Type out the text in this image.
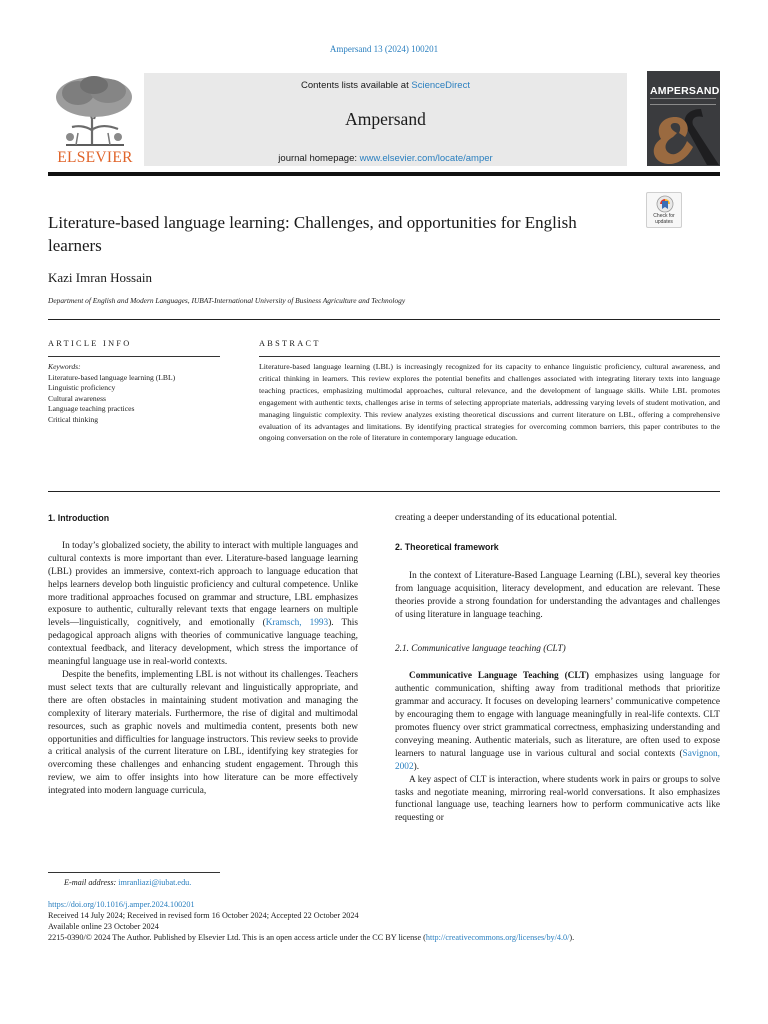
Ampersand 13 (2024) 100201
ELSEVIER
Contents lists available at ScienceDirect
Ampersand
journal homepage: www.elsevier.com/locate/amper
AMPERSAND
Literature-based language learning: Challenges, and opportunities for English learners
Check for
updates
Kazi Imran Hossain
Department of English and Modern Languages, IUBAT-International University of Business Agriculture and Technology
ARTICLE INFO	ABSTRACT
Keywords:
Literature-based language learning (LBL)
Linguistic proficiency
Cultural awareness
Language teaching practices
Critical thinking
Literature-based language learning (LBL) is increasingly recognized for its capacity to enhance linguistic proficiency, cultural awareness, and critical thinking in learners. This review explores the potential benefits and challenges associated with integrating literary texts into language teaching practices, emphasizing multimodal approaches, cultural relevance, and the development of language skills. While LBL promotes engagement with authentic texts, challenges arise in terms of selecting appropriate materials, addressing varying levels of student motivation, and managing linguistic complexity. This review analyzes existing theoretical discussions and current literature on LBL, offering a comprehensive evaluation of its advantages and limitations. By identifying practical strategies for overcoming common barriers, this paper contributes to the ongoing conversation on the role of literature in contemporary language education.
1. Introduction

In today’s globalized society, the ability to interact with multiple languages and cultural contexts is more important than ever. Literature-based language learning (LBL) provides an immersive, context-rich approach to language education that helps learners develop both linguistic proficiency and cultural competence. Unlike more traditional approaches focused on grammar and structure, LBL emphasizes exposure to authentic, culturally relevant texts that engage learners on multiple levels—linguistically, cognitively, and emotionally (Kramsch, 1993). This pedagogical approach aligns with theories of communicative language teaching, contextual feedback, and literacy development, which stress the importance of meaningful language use in real-world contexts.

Despite the benefits, implementing LBL is not without its challenges. Teachers must select texts that are culturally relevant and linguistically appropriate, and there are often obstacles in maintaining student motivation and managing the complexity of literary materials. Furthermore, the rise of digital and multimodal resources, such as graphic novels and multimedia content, presents both new opportunities and difficulties for language instructors. This review seeks to provide a critical analysis of the current literature on LBL, identifying key strategies for overcoming these challenges and enhancing student engagement. Through this review, we aim to offer insights into how literature can be more effectively integrated into modern language curricula,

creating a deeper understanding of its educational potential.

2. Theoretical framework

In the context of Literature-Based Language Learning (LBL), several key theories from language acquisition, literacy development, and education are relevant. These theories provide a strong foundation for understanding the advantages and challenges of using literature in language teaching.

2.1. Communicative language teaching (CLT)

Communicative Language Teaching (CLT) emphasizes using language for authentic communication, shifting away from traditional methods that prioritize grammar and accuracy. It focuses on developing learners’ communicative competence by encouraging them to engage with language meaningfully in real-life contexts. CLT promotes fluency over strict grammatical correctness, emphasizing understanding and conveying meaning. Authentic materials, such as literature, are often used to expose learners to natural language use in various cultural and social contexts (Savignon, 2002).

A key aspect of CLT is interaction, where students work in pairs or groups to solve tasks and negotiate meaning, mirroring real-world conversations. It also emphasizes functional language use, teaching learners how to perform communicative acts like requesting or

E-mail address: imranliazi@iubat.edu.
https://doi.org/10.1016/j.amper.2024.100201
Received 14 July 2024; Received in revised form 16 October 2024; Accepted 22 October 2024
Available online 23 October 2024
2215-0390/© 2024 The Author. Published by Elsevier Ltd. This is an open access article under the CC BY license (http://creativecommons.org/licenses/by/4.0/).
